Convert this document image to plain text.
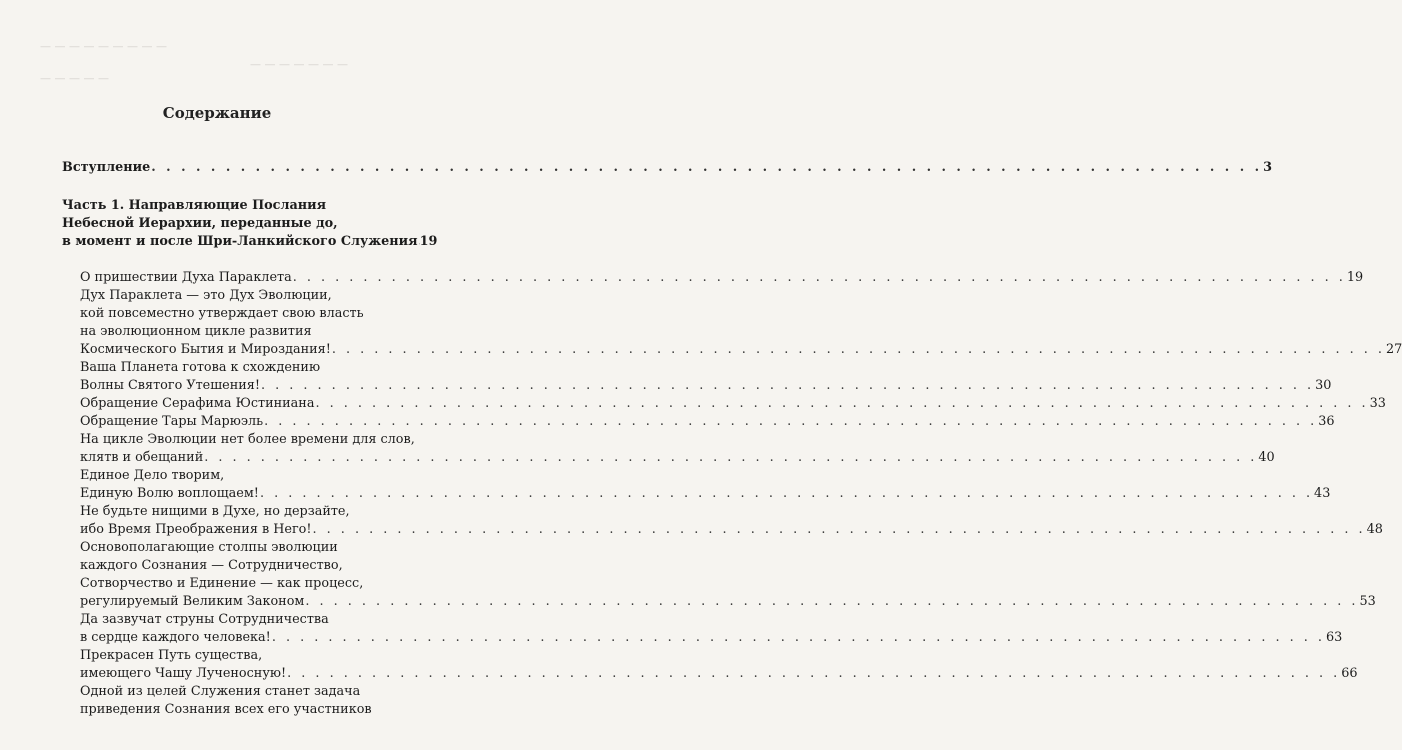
— — — — — — — — —
— — — — — — —
— — — — —
Содержание
Вступление . . .	3
Часть 1. Направляющие Послания
Небесной Иерархии, переданные до,
в момент и после Шри-Ланкийского Служения . . . 19
О пришествии Духа Параклета . . .	19
Дух Параклета — это Дух Эволюции,
кой повсеместно утверждает свою власть
на эволюционном цикле развития
Космического Бытия и Мироздания! . . .	27
Ваша Планета готова к схождению
Волны Святого Утешения! . . .	30
Обращение Серафима Юстиниана . . .	33
Обращение Тары Марюэль . . .	36
На цикле Эволюции нет более времени для слов,
клятв и обещаний . . .	40
Единое Дело творим,
Единую Волю воплощаем! . . .	43
Не будьте нищими в Духе, но дерзайте,
ибо Время Преображения в Него! . . .	48
Основополагающие столпы эволюции
каждого Сознания — Сотрудничество,
Сотворчество и Единение — как процесс,
регулируемый Великим Законом . . .	53
Да зазвучат струны Сотрудничества
в сердце каждого человека! . . .	63
Прекрасен Путь существа,
имеющего Чашу Лученосную! . . .	66
Одной из целей Служения станет задача
приведения Сознания всех его участников
